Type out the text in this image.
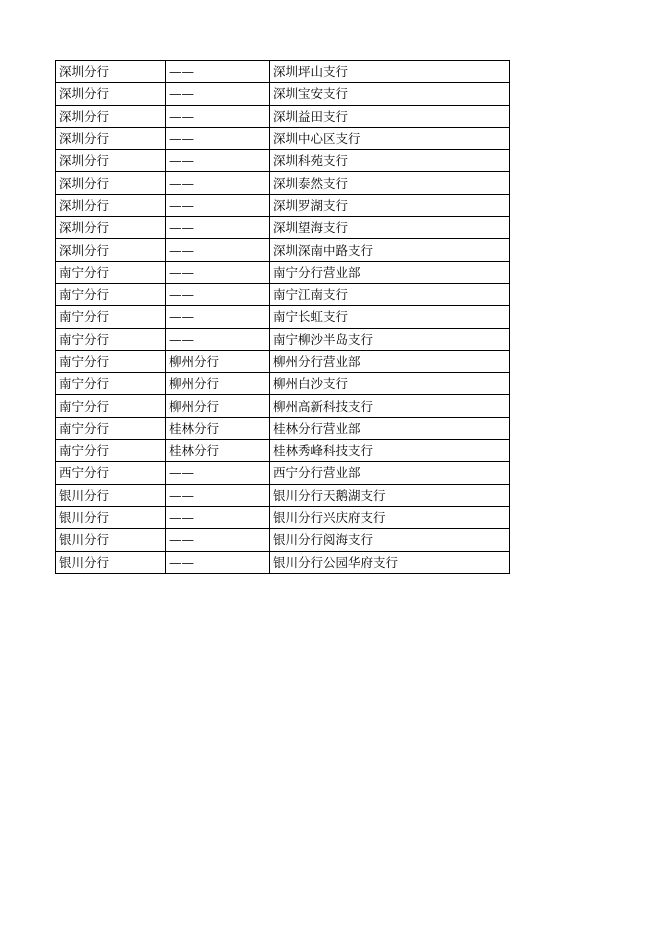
深圳分行	——	深圳坪山支行
深圳分行	——	深圳宝安支行
深圳分行	——	深圳益田支行
深圳分行	——	深圳中心区支行
深圳分行	——	深圳科苑支行
深圳分行	——	深圳泰然支行
深圳分行	——	深圳罗湖支行
深圳分行	——	深圳望海支行
深圳分行	——	深圳深南中路支行
南宁分行	——	南宁分行营业部
南宁分行	——	南宁江南支行
南宁分行	——	南宁长虹支行
南宁分行	——	南宁柳沙半岛支行
南宁分行	柳州分行	柳州分行营业部
南宁分行	柳州分行	柳州白沙支行
南宁分行	柳州分行	柳州高新科技支行
南宁分行	桂林分行	桂林分行营业部
南宁分行	桂林分行	桂林秀峰科技支行
西宁分行	——	西宁分行营业部
银川分行	——	银川分行天鹅湖支行
银川分行	——	银川分行兴庆府支行
银川分行	——	银川分行阅海支行
银川分行	——	银川分行公园华府支行
